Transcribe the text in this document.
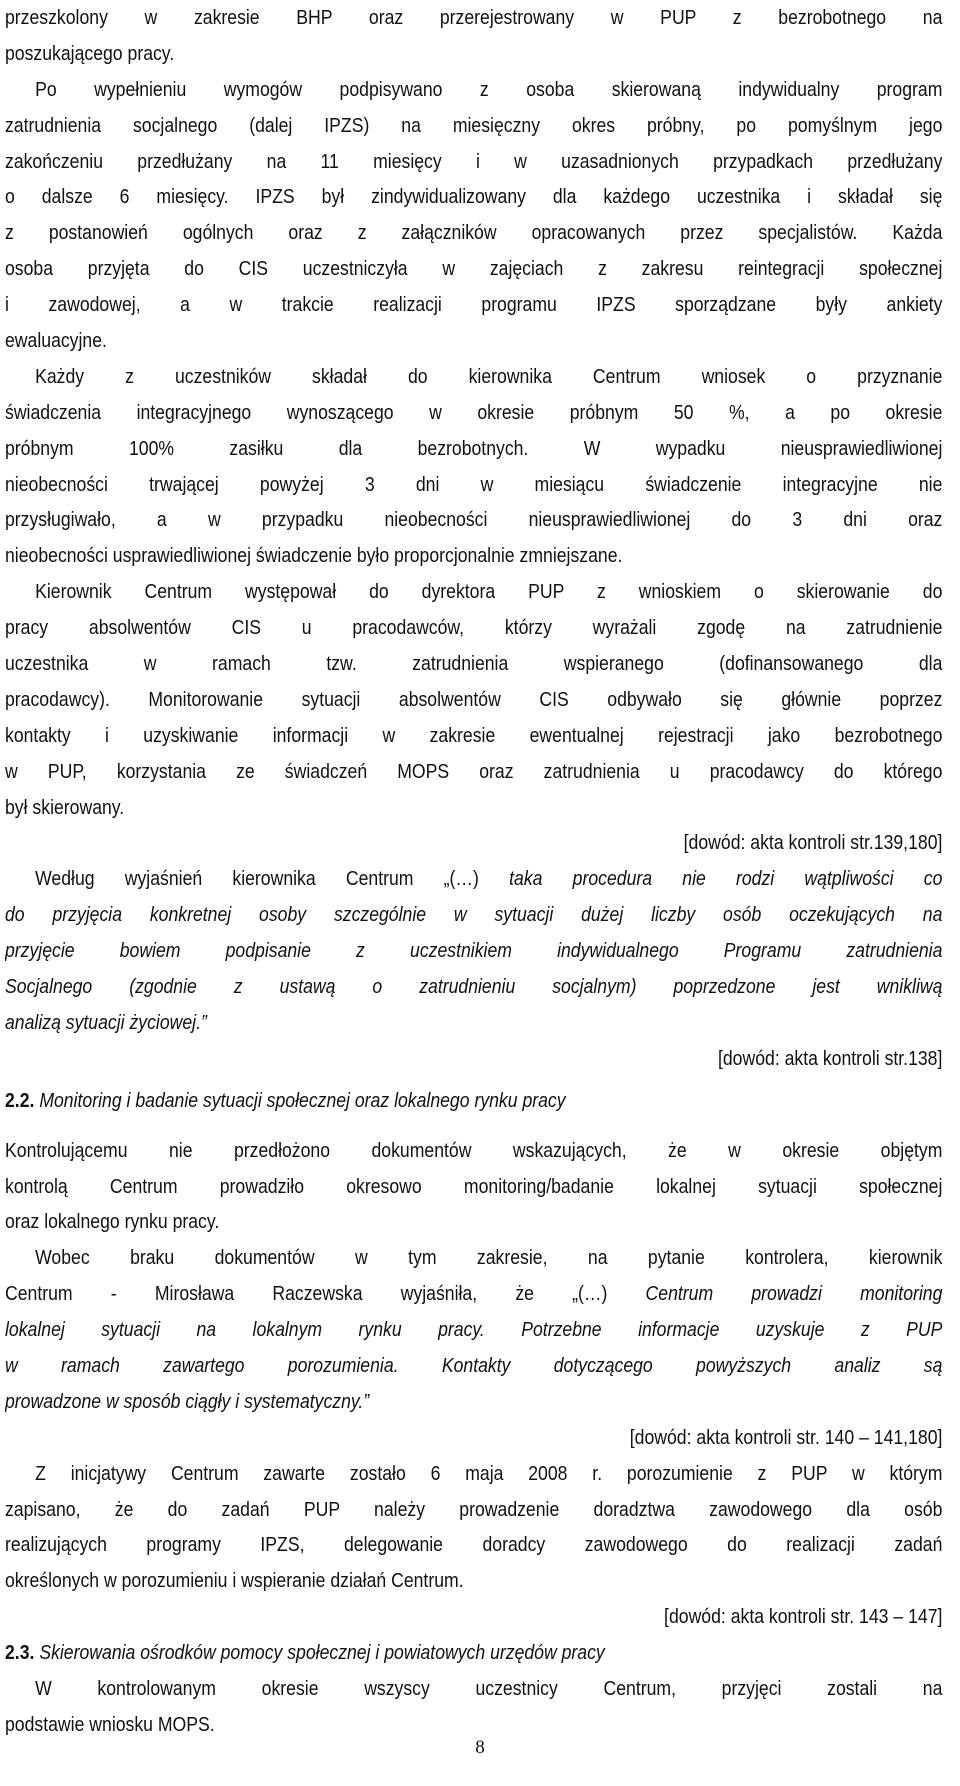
przeszkolony w zakresie BHP oraz przerejestrowany w PUP z bezrobotnego na
poszukającego pracy.
Po wypełnieniu wymogów podpisywano z osoba skierowaną indywidualny program
zatrudnienia socjalnego (dalej IPZS) na miesięczny okres próbny, po pomyślnym jego
zakończeniu przedłużany na 11 miesięcy i w uzasadnionych przypadkach przedłużany
o dalsze 6 miesięcy. IPZS był zindywidualizowany dla każdego uczestnika i składał się
z postanowień ogólnych oraz z załączników opracowanych przez specjalistów. Każda
osoba przyjęta do CIS uczestniczyła w zajęciach z zakresu reintegracji społecznej
i zawodowej, a w trakcie realizacji programu IPZS sporządzane były ankiety
ewaluacyjne.
Każdy z uczestników składał do kierownika Centrum wniosek o przyznanie
świadczenia integracyjnego wynoszącego w okresie próbnym 50 %, a po okresie
próbnym 100% zasiłku dla bezrobotnych. W wypadku nieusprawiedliwionej
nieobecności trwającej powyżej 3 dni w miesiącu świadczenie integracyjne nie
przysługiwało, a w przypadku nieobecności nieusprawiedliwionej do 3 dni oraz
nieobecności usprawiedliwionej świadczenie było proporcjonalnie zmniejszane.
Kierownik Centrum występował do dyrektora PUP z wnioskiem o skierowanie do
pracy absolwentów CIS u pracodawców, którzy wyrażali zgodę na zatrudnienie
uczestnika w ramach tzw. zatrudnienia wspieranego (dofinansowanego dla
pracodawcy). Monitorowanie sytuacji absolwentów CIS odbywało się głównie poprzez
kontakty i uzyskiwanie informacji w zakresie ewentualnej rejestracji jako bezrobotnego
w PUP, korzystania ze świadczeń MOPS oraz zatrudnienia u pracodawcy do którego
był skierowany.
[dowód: akta kontroli str.139,180]
Według wyjaśnień kierownika Centrum „(…) taka procedura nie rodzi wątpliwości co
do przyjęcia konkretnej osoby szczególnie w sytuacji dużej liczby osób oczekujących na
przyjęcie bowiem podpisanie z uczestnikiem indywidualnego Programu zatrudnienia
Socjalnego (zgodnie z ustawą o zatrudnieniu socjalnym) poprzedzone jest wnikliwą
analizą sytuacji życiowej.”
[dowód: akta kontroli str.138]
2.2. Monitoring i badanie sytuacji społecznej oraz lokalnego rynku pracy
Kontrolującemu nie przedłożono dokumentów wskazujących, że w okresie objętym
kontrolą Centrum prowadziło okresowo monitoring/badanie lokalnej sytuacji społecznej
oraz lokalnego rynku pracy.
Wobec braku dokumentów w tym zakresie, na pytanie kontrolera, kierownik
Centrum - Mirosława Raczewska wyjaśniła, że „(…) Centrum prowadzi monitoring
lokalnej sytuacji na lokalnym rynku pracy. Potrzebne informacje uzyskuje z PUP
w ramach zawartego porozumienia. Kontakty dotyczącego powyższych analiz są
prowadzone w sposób ciągły i systematyczny.”
[dowód: akta kontroli str. 140 – 141,180]
Z inicjatywy Centrum zawarte zostało 6 maja 2008 r. porozumienie z PUP w którym
zapisano, że do zadań PUP należy prowadzenie doradztwa zawodowego dla osób
realizujących programy IPZS, delegowanie doradcy zawodowego do realizacji zadań
określonych w porozumieniu i wspieranie działań Centrum.
[dowód: akta kontroli str. 143 – 147]
2.3. Skierowania ośrodków pomocy społecznej i powiatowych urzędów pracy
W kontrolowanym okresie wszyscy uczestnicy Centrum, przyjęci zostali na
podstawie wniosku MOPS.
8
